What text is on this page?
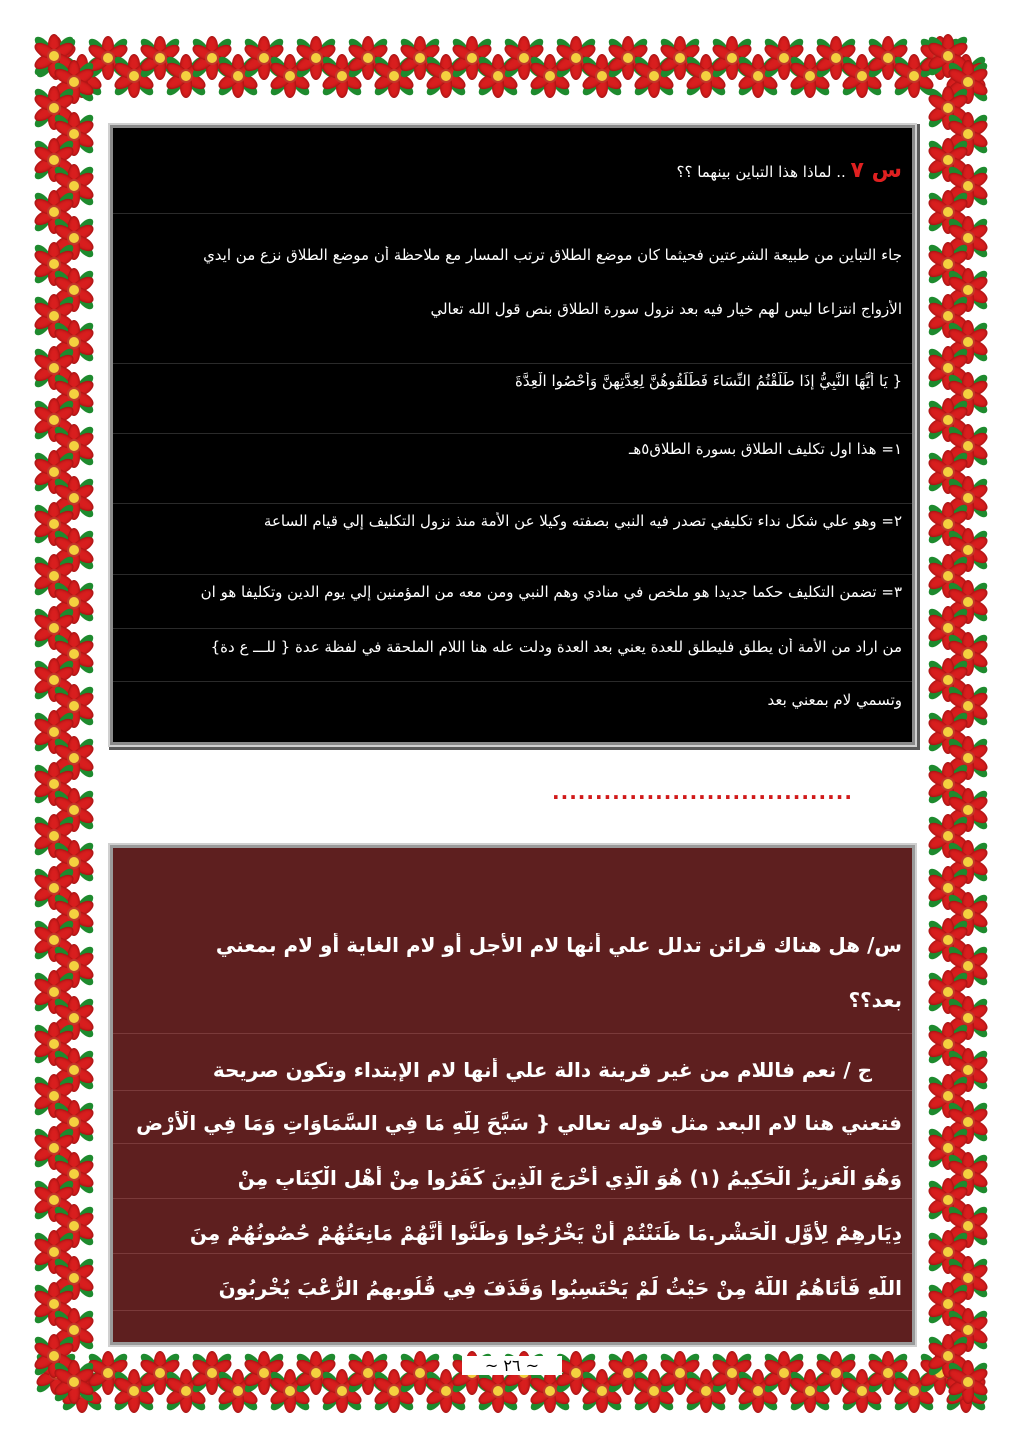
س ٧ .. لماذا هذا التباين بينهما ؟؟
جاء التباين من طبيعة الشرعتين فحيثما كان موضع الطلاق ترتب المسار مع ملاحظة أن موضع الطلاق نزع من ايدي
الأزواج انتزاعا ليس لهم خيار فيه بعد نزول سورة الطلاق بنص قول الله تعالي
{ يَا أَيُّهَا النَّبِيُّ إِذَا طَلَّقْتُمُ النِّسَاءَ فَطَلِّقُوهُنَّ لِعِدَّتِهِنَّ وَأَحْصُوا الْعِدَّةَ
١= هذا اول تكليف الطلاق بسورة الطلاق٥هـ
٢= وهو علي شكل نداء تكليفي تصدر فيه النبي بصفته وكيلا عن الأمة منذ نزول التكليف إلي قيام الساعة
٣= تضمن التكليف حكما جديدا هو ملخص في منادي وهم النبي ومن معه من المؤمنين إلي يوم الدين وتكليفا هو ان
من اراد من الأمة أن يطلق فليطلق للعدة يعني بعد العدة ودلت عله هنا اللام الملحقة في لفظة عدة { للـــ ع دة}
وتسمي لام بمعني بعد
...................................
س/ هل هناك قرائن تدلل علي أنها لام الأجل أو لام الغاية أو لام بمعني
بعد؟؟
ج / نعم فاللام من غير قرينة دالة علي أنها لام الإبتداء وتكون صريحة
فتعني هنا لام البعد مثل قوله تعالي { سَبَّحَ لِلَّهِ مَا فِي السَّمَاوَاتِ وَمَا فِي الْأَرْضِ
وَهُوَ الْعَزِيزُ الْحَكِيمُ (١) هُوَ الَّذِي أَخْرَجَ الَّذِينَ كَفَرُوا مِنْ أَهْلِ الْكِتَابِ مِنْ
دِيَارِهِمْ لِأَوَّلِ الْحَشْرِ.مَا ظَنَنْتُمْ أَنْ يَخْرُجُوا وَظَنُّوا أَنَّهُمْ مَانِعَتُهُمْ حُصُونُهُمْ مِنَ
اللَّهِ فَأَتَاهُمُ اللَّهُ مِنْ حَيْثُ لَمْ يَحْتَسِبُوا وَقَذَفَ فِي قُلُوبِهِمُ الرُّعْبَ يُخْرِبُونَ
~ ٢٦ ~
